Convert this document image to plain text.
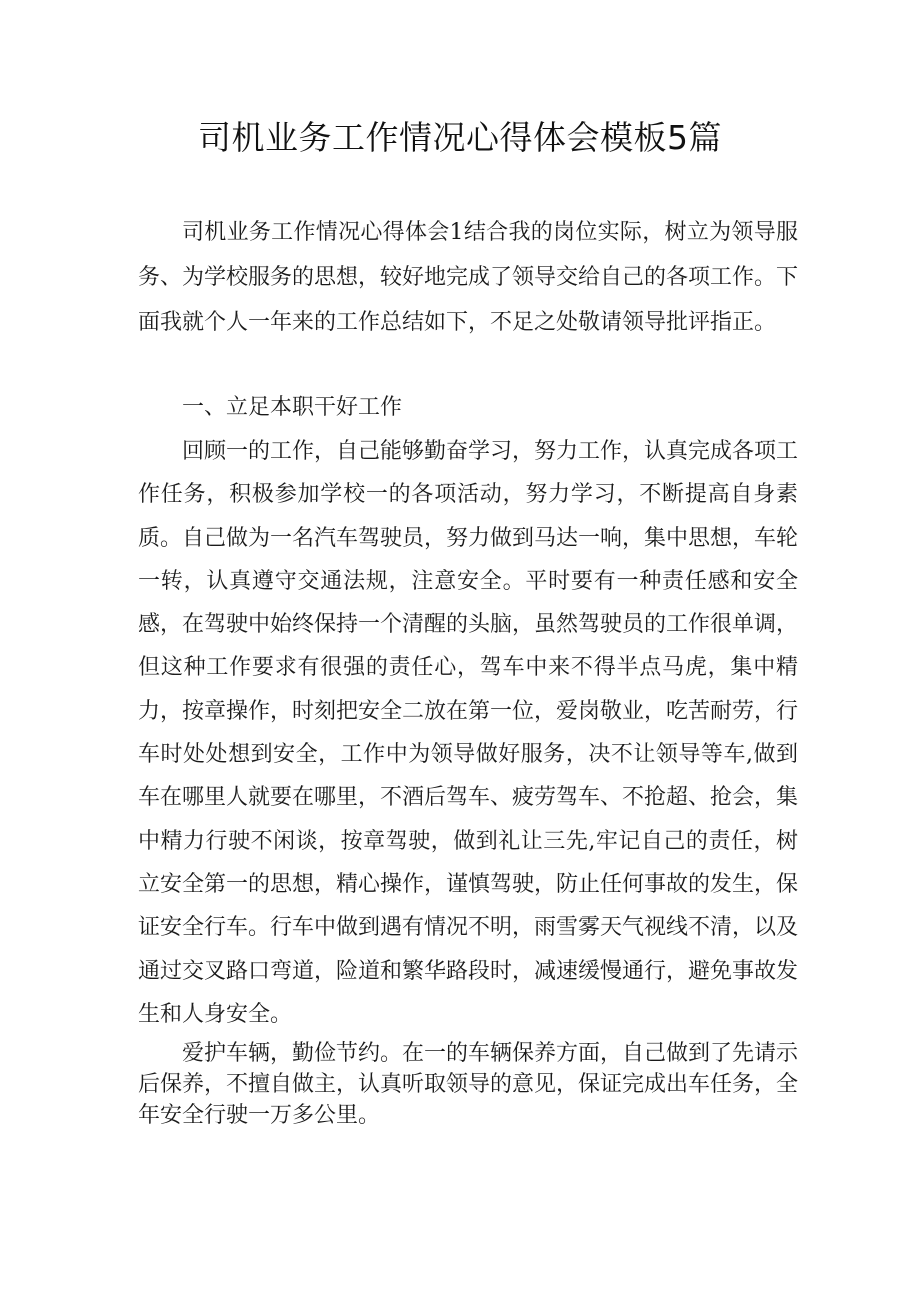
司机业务工作情况心得体会模板5篇

司机业务工作情况心得体会1结合我的岗位实际，树立为领导服务、为学校服务的思想，较好地完成了领导交给自己的各项工作。下面我就个人一年来的工作总结如下，不足之处敬请领导批评指正。

一、立足本职干好工作

回顾一的工作，自己能够勤奋学习，努力工作，认真完成各项工作任务，积极参加学校一的各项活动，努力学习，不断提高自身素质。自己做为一名汽车驾驶员，努力做到马达一响，集中思想，车轮一转，认真遵守交通法规，注意安全。平时要有一种责任感和安全感，在驾驶中始终保持一个清醒的头脑，虽然驾驶员的工作很单调，但这种工作要求有很强的责任心，驾车中来不得半点马虎，集中精力，按章操作，时刻把安全二放在第一位，爱岗敬业，吃苦耐劳，行车时处处想到安全，工作中为领导做好服务，决不让领导等车,做到车在哪里人就要在哪里，不酒后驾车、疲劳驾车、不抢超、抢会，集中精力行驶不闲谈，按章驾驶，做到礼让三先,牢记自己的责任，树立安全第一的思想，精心操作，谨慎驾驶，防止任何事故的发生，保证安全行车。行车中做到遇有情况不明，雨雪雾天气视线不清，以及通过交叉路口弯道，险道和繁华路段时，减速缓慢通行，避免事故发生和人身安全。

爱护车辆，勤俭节约。在一的车辆保养方面，自己做到了先请示后保养，不擅自做主，认真听取领导的意见，保证完成出车任务，全年安全行驶一万多公里。
